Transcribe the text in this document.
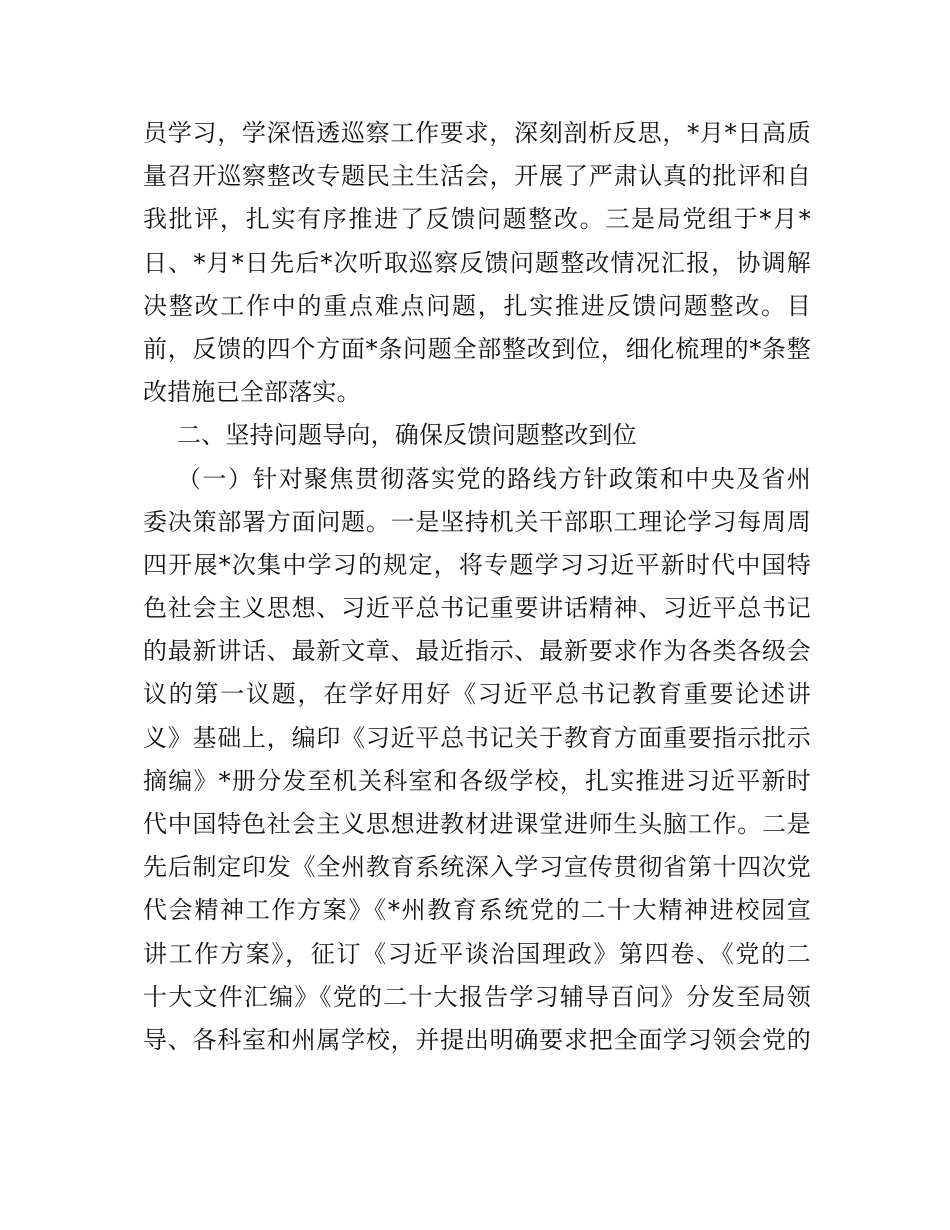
员学习，学深悟透巡察工作要求，深刻剖析反思，*月*日高质
量召开巡察整改专题民主生活会，开展了严肃认真的批评和自
我批评，扎实有序推进了反馈问题整改。三是局党组于*月*
日、*月*日先后*次听取巡察反馈问题整改情况汇报，协调解
决整改工作中的重点难点问题，扎实推进反馈问题整改。目
前，反馈的四个方面*条问题全部整改到位，细化梳理的*条整
改措施已全部落实。
二、坚持问题导向，确保反馈问题整改到位
（一）针对聚焦贯彻落实党的路线方针政策和中央及省州
委决策部署方面问题。一是坚持机关干部职工理论学习每周周
四开展*次集中学习的规定，将专题学习习近平新时代中国特
色社会主义思想、习近平总书记重要讲话精神、习近平总书记
的最新讲话、最新文章、最近指示、最新要求作为各类各级会
议的第一议题，在学好用好《习近平总书记教育重要论述讲
义》基础上，编印《习近平总书记关于教育方面重要指示批示
摘编》*册分发至机关科室和各级学校，扎实推进习近平新时
代中国特色社会主义思想进教材进课堂进师生头脑工作。二是
先后制定印发《全州教育系统深入学习宣传贯彻省第十四次党
代会精神工作方案》《*州教育系统党的二十大精神进校园宣
讲工作方案》，征订《习近平谈治国理政》第四卷、《党的二
十大文件汇编》《党的二十大报告学习辅导百问》分发至局领
导、各科室和州属学校，并提出明确要求把全面学习领会党的
